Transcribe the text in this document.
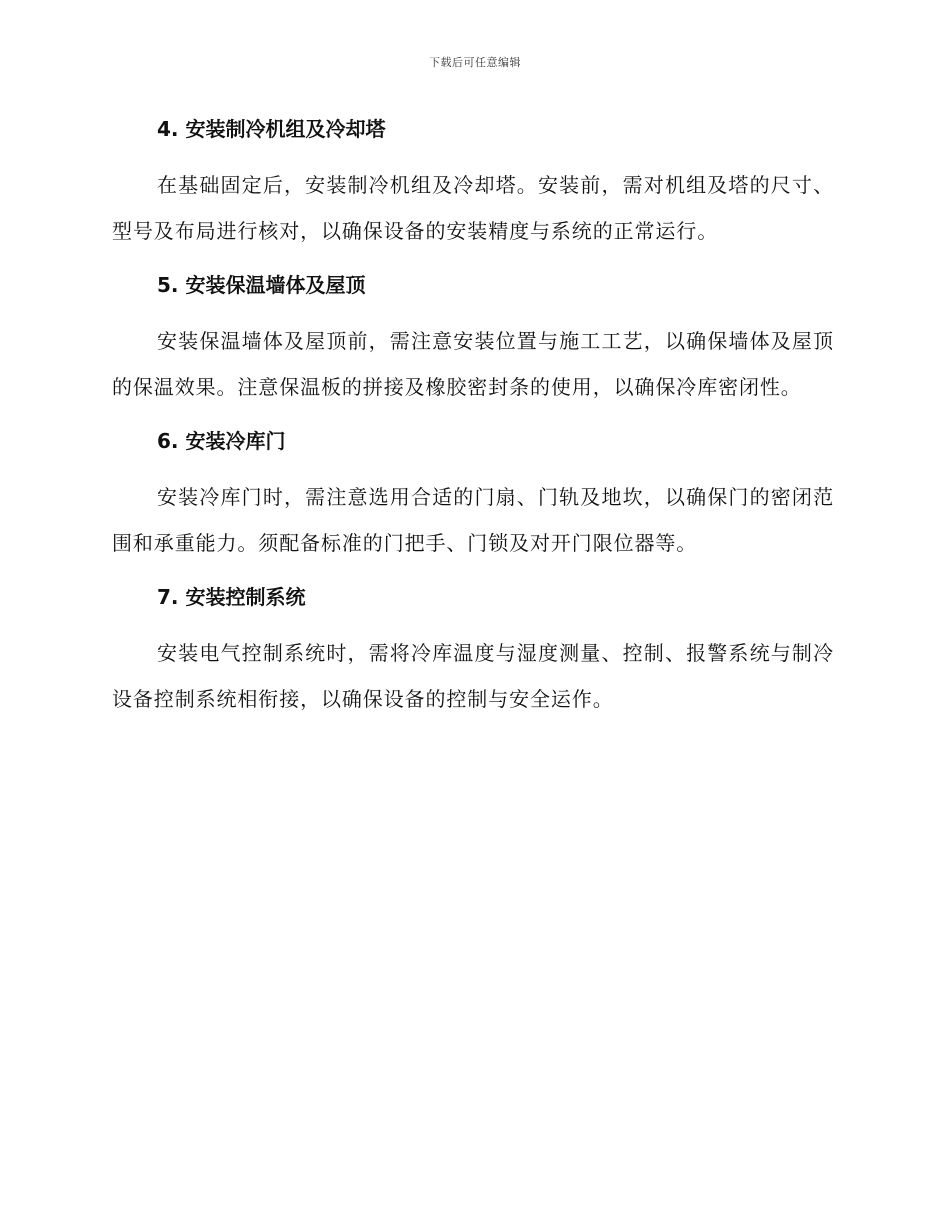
下载后可任意编辑
4. 安装制冷机组及冷却塔

在基础固定后，安装制冷机组及冷却塔。安装前，需对机组及塔的尺寸、型号及布局进行核对，以确保设备的安装精度与系统的正常运行。

5. 安装保温墙体及屋顶

安装保温墙体及屋顶前，需注意安装位置与施工工艺，以确保墙体及屋顶的保温效果。注意保温板的拼接及橡胶密封条的使用，以确保冷库密闭性。

6. 安装冷库门

安装冷库门时，需注意选用合适的门扇、门轨及地坎，以确保门的密闭范围和承重能力。须配备标准的门把手、门锁及对开门限位器等。

7. 安装控制系统

安装电气控制系统时，需将冷库温度与湿度测量、控制、报警系统与制冷设备控制系统相衔接，以确保设备的控制与安全运作。
